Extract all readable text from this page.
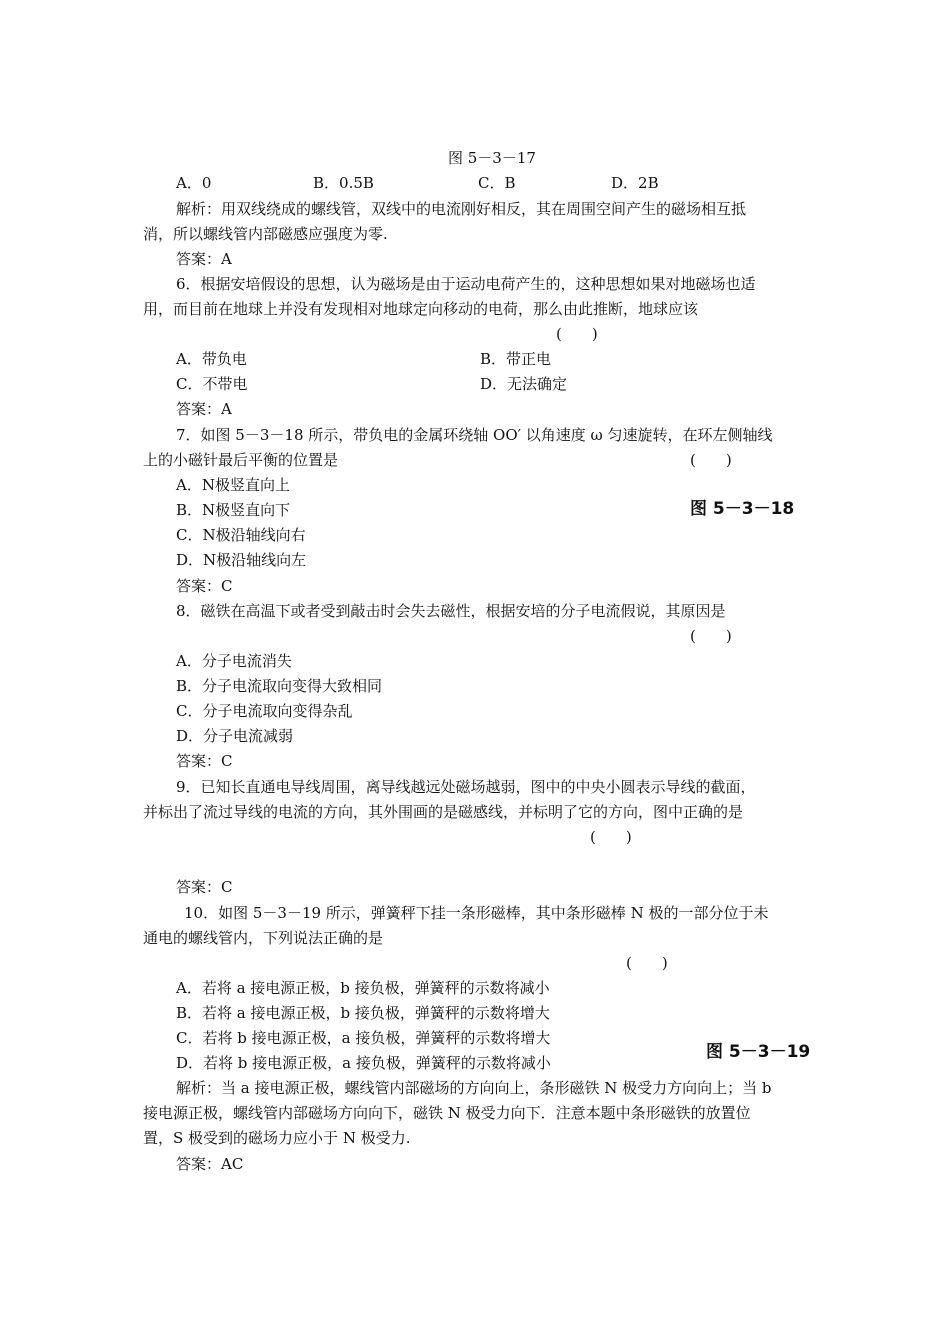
图 5－3－17
A．0	B．0.5B	C．B	D．2B
解析：用双线绕成的螺线管，双线中的电流刚好相反，其在周围空间产生的磁场相互抵
消，所以螺线管内部磁感应强度为零.
答案：A
6．根据安培假设的思想，认为磁场是由于运动电荷产生的，这种思想如果对地磁场也适
用，而目前在地球上并没有发现相对地球定向移动的电荷，那么由此推断，地球应该
(　　)
A．带负电	B．带正电
C．不带电	D．无法确定
答案：A
7．如图 5－3－18 所示，带负电的金属环绕轴 OO′ 以角速度 ω 匀速旋转，在环左侧轴线
上的小磁针最后平衡的位置是	(　　)
A．N极竖直向上
B．N极竖直向下	图 5－3－18
C．N极沿轴线向右
D．N极沿轴线向左
答案：C
8．磁铁在高温下或者受到敲击时会失去磁性，根据安培的分子电流假说，其原因是
(　　)
A．分子电流消失
B．分子电流取向变得大致相同
C．分子电流取向变得杂乱
D．分子电流减弱
答案：C
9．已知长直通电导线周围，离导线越远处磁场越弱，图中的中央小圆表示导线的截面，
并标出了流过导线的电流的方向，其外围画的是磁感线，并标明了它的方向，图中正确的是
(　　)
答案：C
10．如图 5－3－19 所示，弹簧秤下挂一条形磁棒，其中条形磁棒 N 极的一部分位于未
通电的螺线管内，下列说法正确的是
(　　)
A．若将 a 接电源正极，b 接负极，弹簧秤的示数将减小
B．若将 a 接电源正极，b 接负极，弹簧秤的示数将增大
C．若将 b 接电源正极，a 接负极，弹簧秤的示数将增大
D．若将 b 接电源正极，a 接负极，弹簧秤的示数将减小
图 5－3－19
解析：当 a 接电源正极，螺线管内部磁场的方向向上，条形磁铁 N 极受力方向向上；当 b
接电源正极，螺线管内部磁场方向向下，磁铁 N 极受力向下．注意本题中条形磁铁的放置位
置，S 极受到的磁场力应小于 N 极受力.
答案：AC
